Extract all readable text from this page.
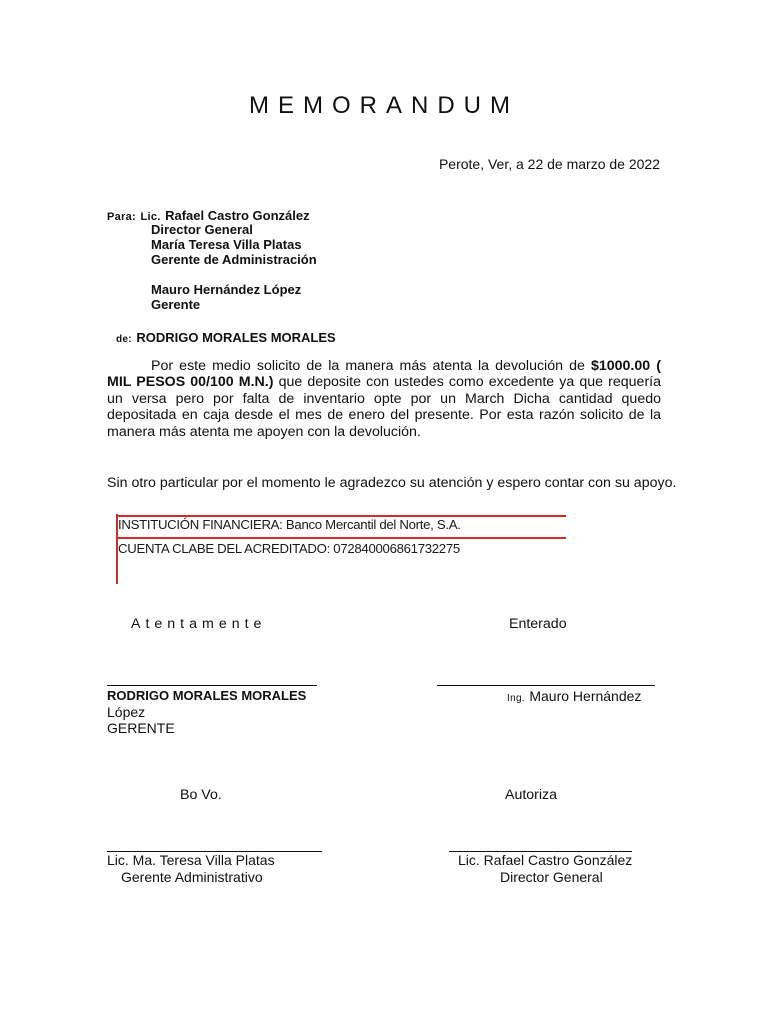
MEMORANDUM
Perote, Ver, a 22 de marzo de 2022
Para: Lic. Rafael Castro González
Director General
María Teresa Villa Platas
Gerente de Administración
Mauro Hernández López
Gerente
de: RODRIGO MORALES MORALES
Por este medio solicito de la manera más atenta la devolución de $1000.00 ( MIL PESOS 00/100 M.N.) que deposite con ustedes como excedente ya que requería un versa pero por falta de inventario opte por un March Dicha cantidad quedo depositada en caja desde el mes de enero del presente. Por esta razón solicito de la manera más atenta me apoyen con la devolución.
Sin otro particular por el momento le agradezco su atención y espero contar con su apoyo.
INSTITUCIÓN FINANCIERA: Banco Mercantil del Norte, S.A.
CUENTA CLABE DEL ACREDITADO: 072840006861732275
Atentamente	Enterado
RODRIGO MORALES MORALES
López
GERENTE
Ing. Mauro Hernández
Bo Vo.	Autoriza
Lic. Ma. Teresa Villa Platas
Gerente Administrativo
Lic. Rafael Castro González
Director General
